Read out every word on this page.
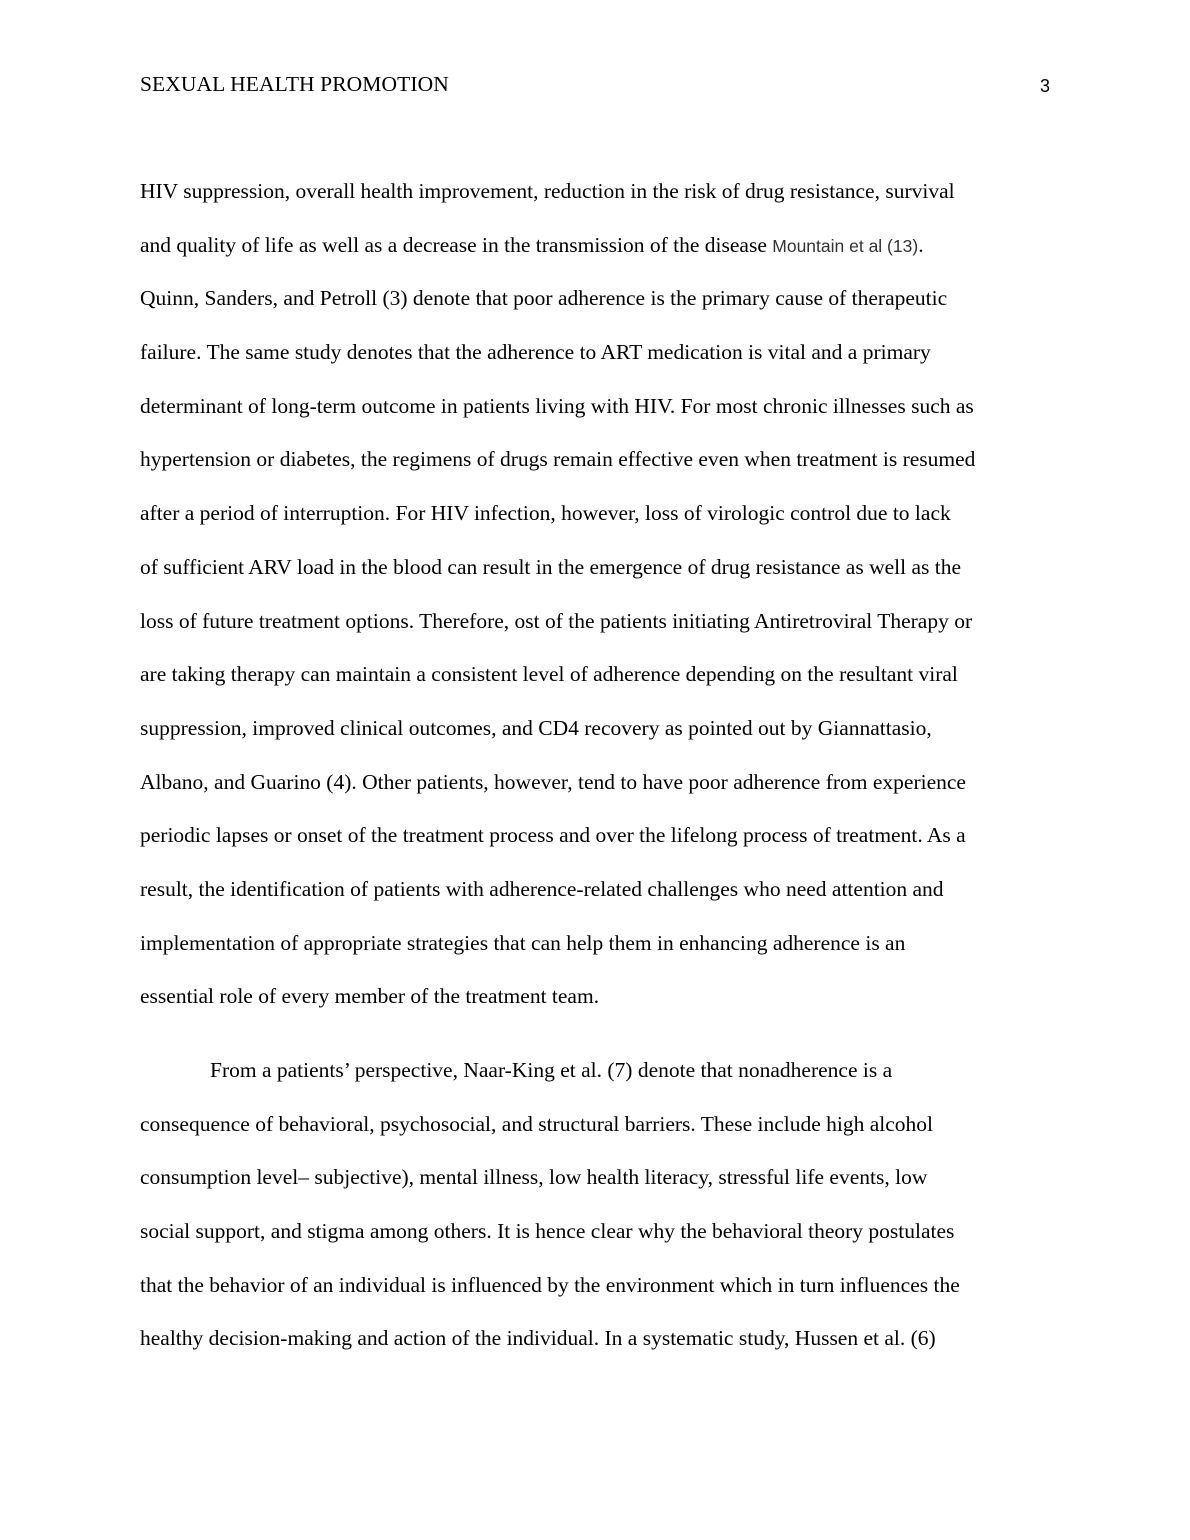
SEXUAL HEALTH PROMOTION	3
HIV suppression, overall health improvement, reduction in the risk of drug resistance, survival
and quality of life as well as a decrease in the transmission of the disease Mountain et al (13).
Quinn, Sanders, and Petroll (3) denote that poor adherence is the primary cause of therapeutic
failure. The same study denotes that the adherence to ART medication is vital and a primary
determinant of long-term outcome in patients living with HIV. For most chronic illnesses such as
hypertension or diabetes, the regimens of drugs remain effective even when treatment is resumed
after a period of interruption. For HIV infection, however, loss of virologic control due to lack
of sufficient ARV load in the blood can result in the emergence of drug resistance as well as the
loss of future treatment options. Therefore, ost of the patients initiating Antiretroviral Therapy or
are taking therapy can maintain a consistent level of adherence depending on the resultant viral
suppression, improved clinical outcomes, and CD4 recovery as pointed out by Giannattasio,
Albano, and Guarino (4). Other patients, however, tend to have poor adherence from experience
periodic lapses or onset of the treatment process and over the lifelong process of treatment. As a
result, the identification of patients with adherence-related challenges who need attention and
implementation of appropriate strategies that can help them in enhancing adherence is an
essential role of every member of the treatment team.
From a patients’ perspective, Naar-King et al. (7) denote that nonadherence is a
consequence of behavioral, psychosocial, and structural barriers. These include high alcohol
consumption level– subjective), mental illness, low health literacy, stressful life events, low
social support, and stigma among others. It is hence clear why the behavioral theory postulates
that the behavior of an individual is influenced by the environment which in turn influences the
healthy decision-making and action of the individual. In a systematic study, Hussen et al. (6)
